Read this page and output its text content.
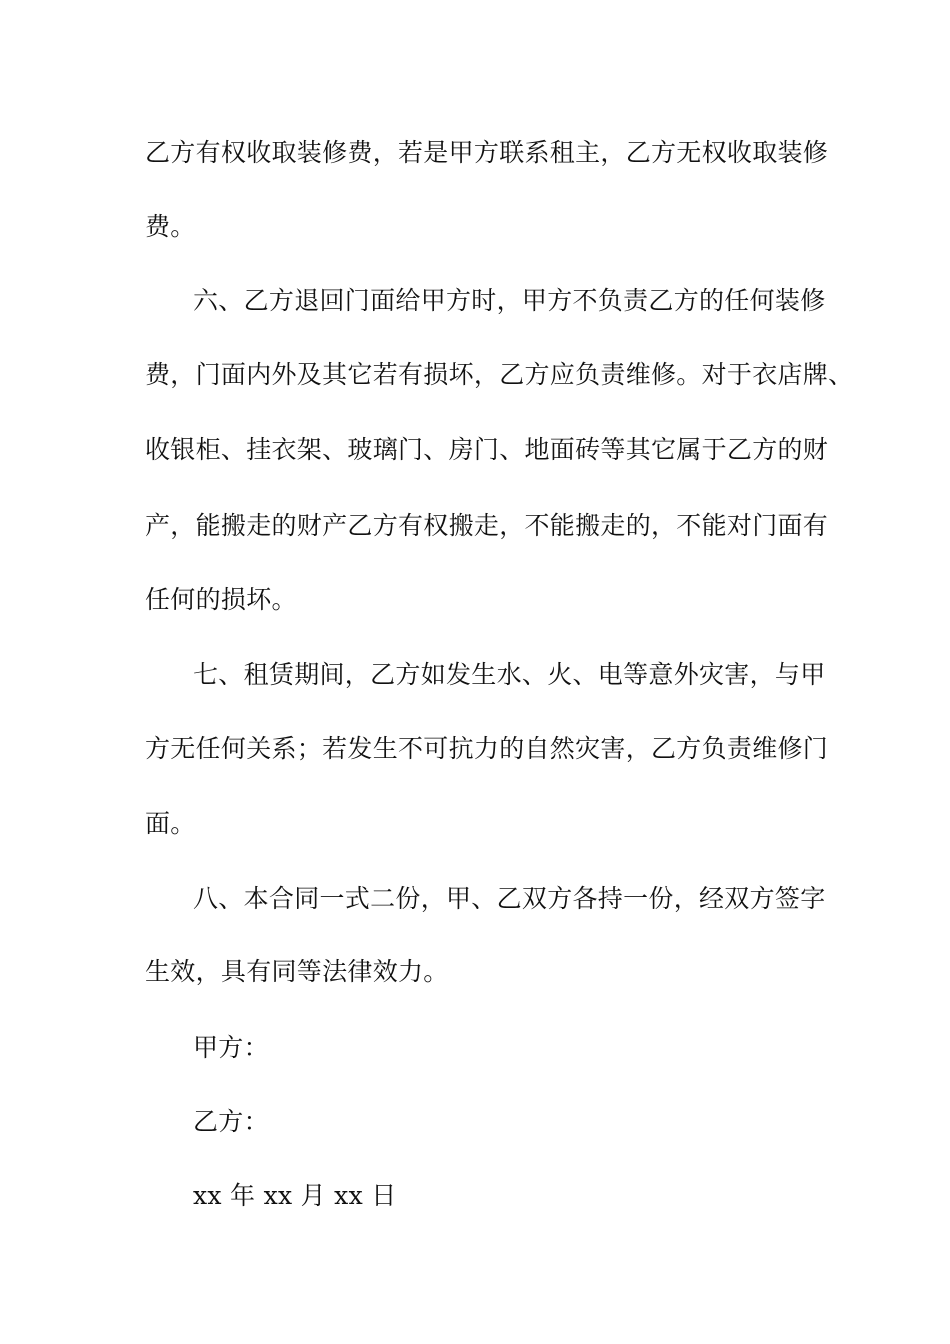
乙方有权收取装修费，若是甲方联系租主，乙方无权收取装修
费。
六、乙方退回门面给甲方时，甲方不负责乙方的任何装修
费，门面内外及其它若有损坏，乙方应负责维修。对于衣店牌、
收银柜、挂衣架、玻璃门、房门、地面砖等其它属于乙方的财
产，能搬走的财产乙方有权搬走，不能搬走的，不能对门面有
任何的损坏。
七、租赁期间，乙方如发生水、火、电等意外灾害，与甲
方无任何关系；若发生不可抗力的自然灾害，乙方负责维修门
面。
八、本合同一式二份，甲、乙双方各持一份，经双方签字
生效，具有同等法律效力。
甲方：
乙方：
xx 年 xx 月 xx 日
